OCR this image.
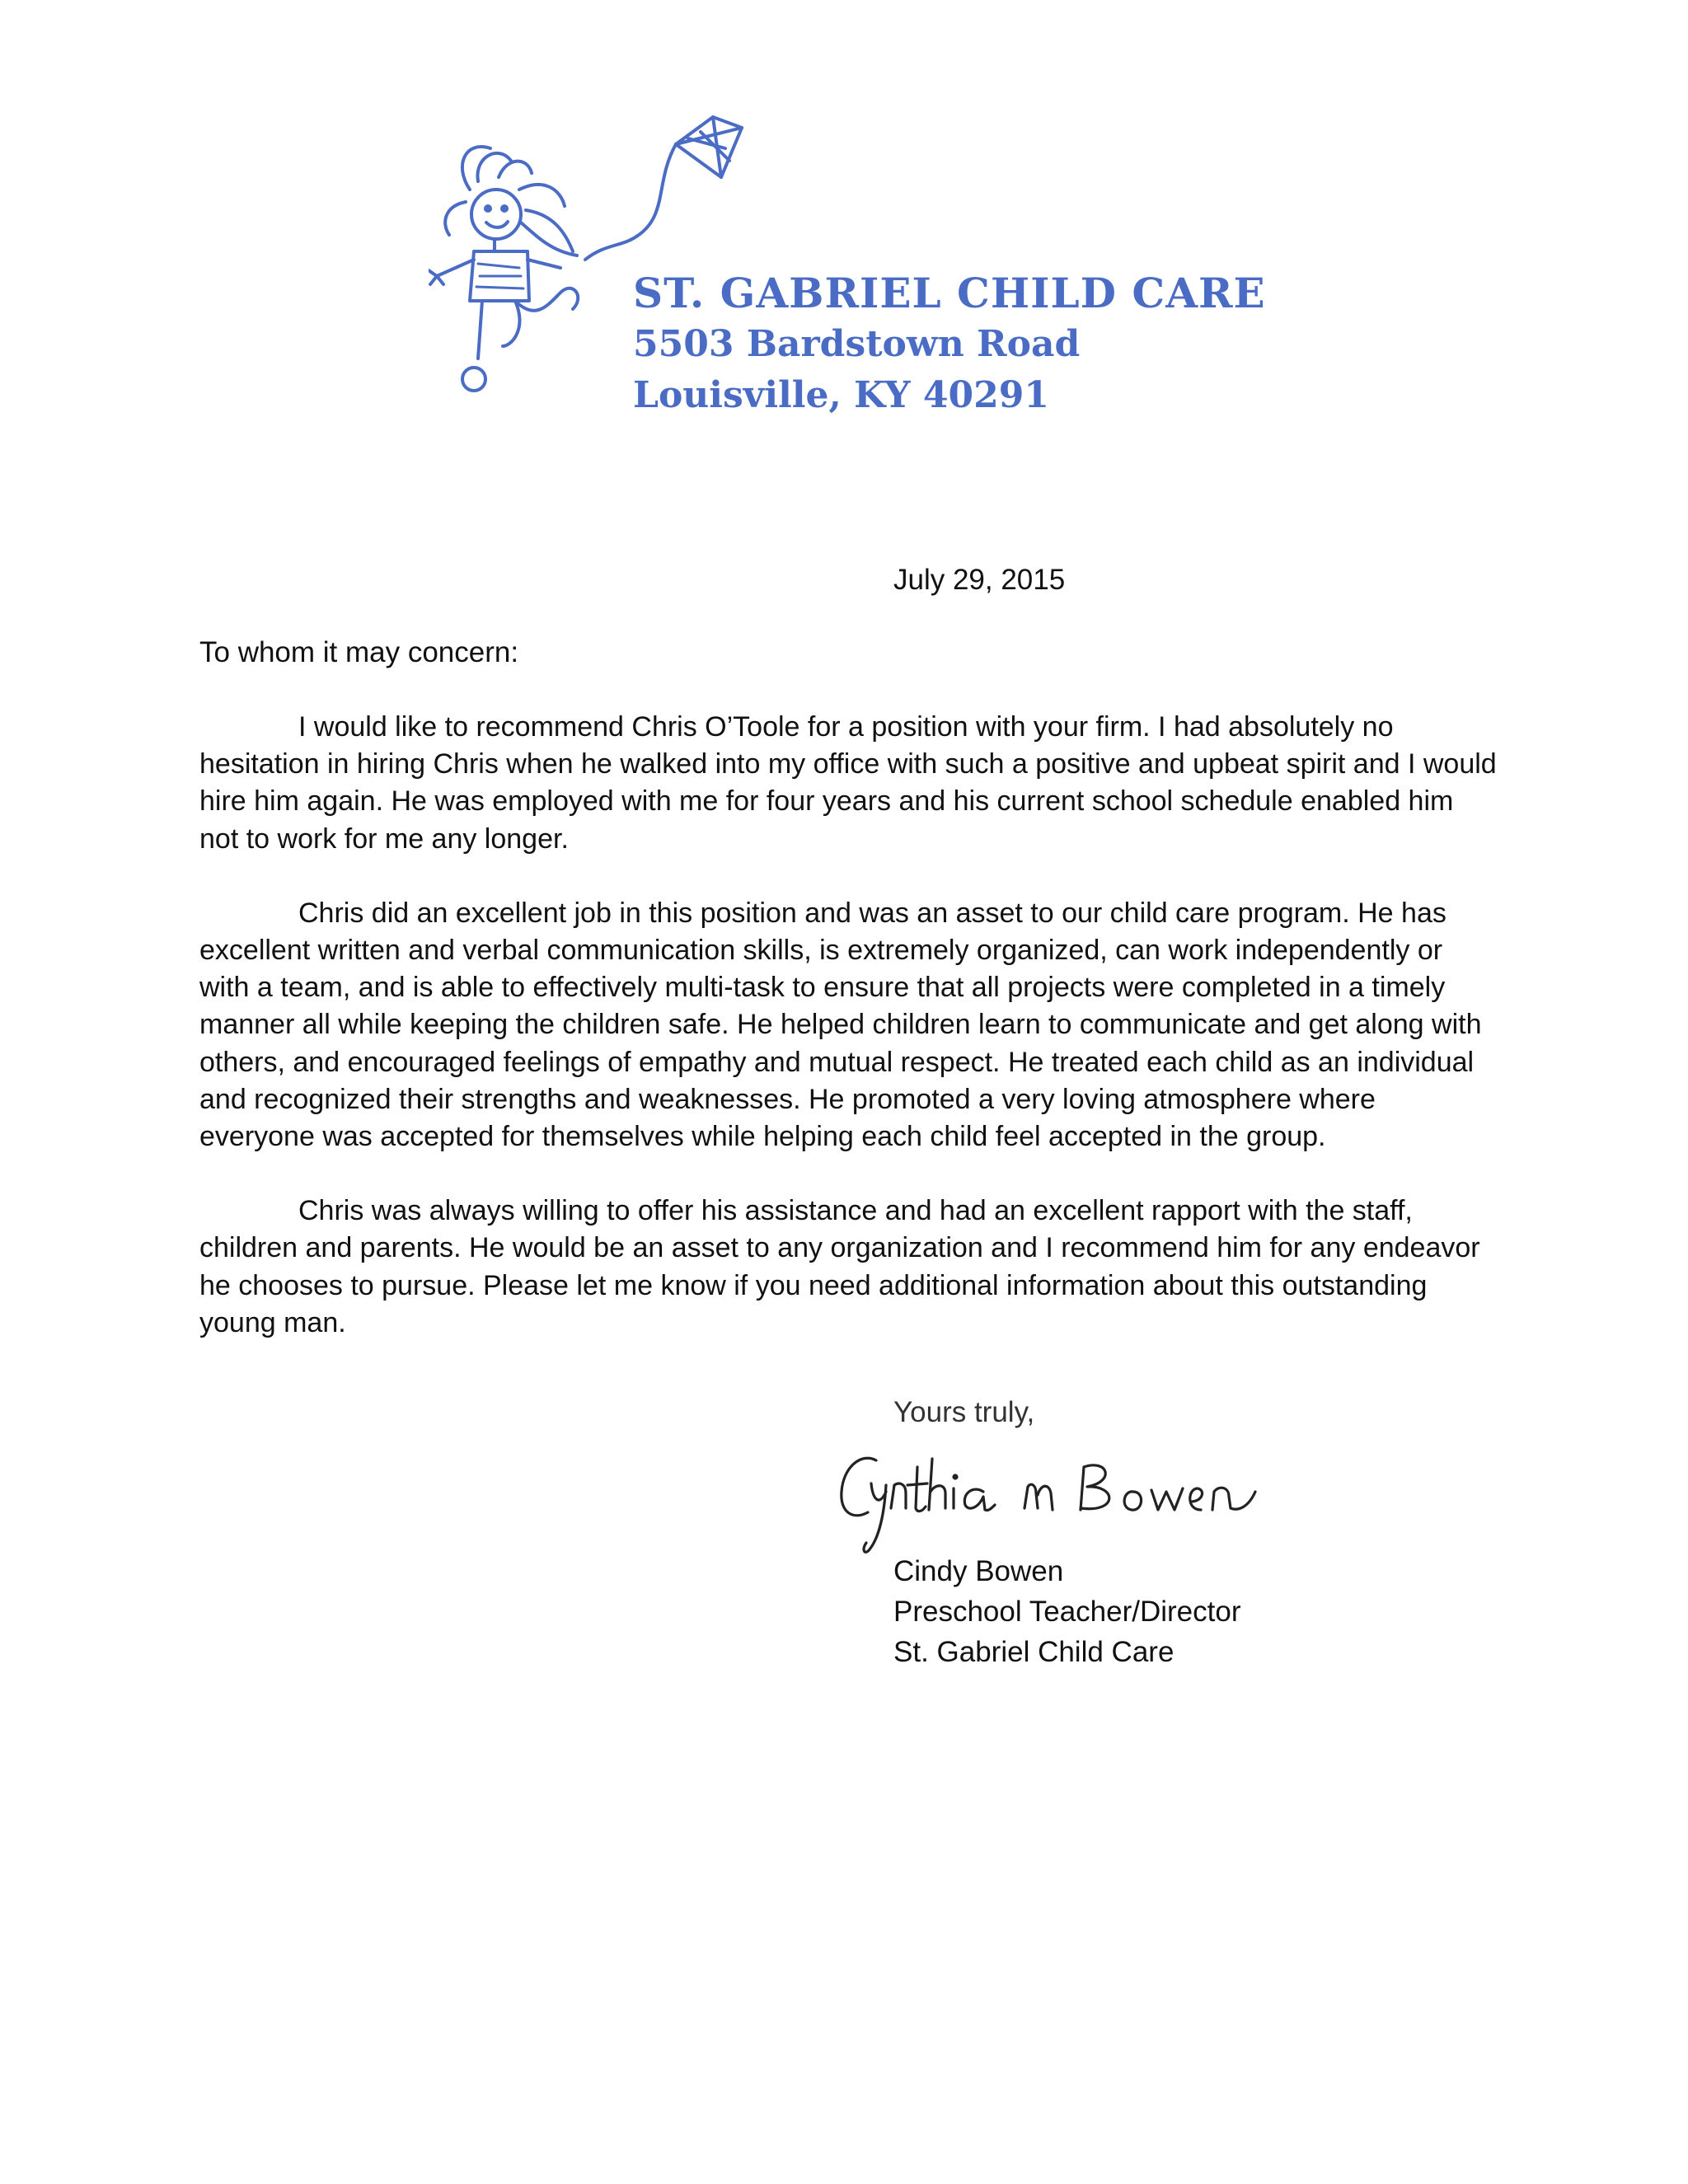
ST. GABRIEL CHILD CARE
5503 Bardstown Road
Louisville, KY 40291
July 29, 2015
To whom it may concern:

I would like to recommend Chris O’Toole for a position with your firm. I had absolutely no hesitation in hiring Chris when he walked into my office with such a positive and upbeat spirit and I would hire him again. He was employed with me for four years and his current school schedule enabled him not to work for me any longer.

Chris did an excellent job in this position and was an asset to our child care program. He has excellent written and verbal communication skills, is extremely organized, can work independently or with a team, and is able to effectively multi-task to ensure that all projects were completed in a timely manner all while keeping the children safe. He helped children learn to communicate and get along with others, and encouraged feelings of empathy and mutual respect. He treated each child as an individual and recognized their strengths and weaknesses. He promoted a very loving atmosphere where everyone was accepted for themselves while helping each child feel accepted in the group.

Chris was always willing to offer his assistance and had an excellent rapport with the staff, children and parents. He would be an asset to any organization and I recommend him for any endeavor he chooses to pursue. Please let me know if you need additional information about this outstanding young man.

Yours truly,
Cindy Bowen
Preschool Teacher/Director
St. Gabriel Child Care
